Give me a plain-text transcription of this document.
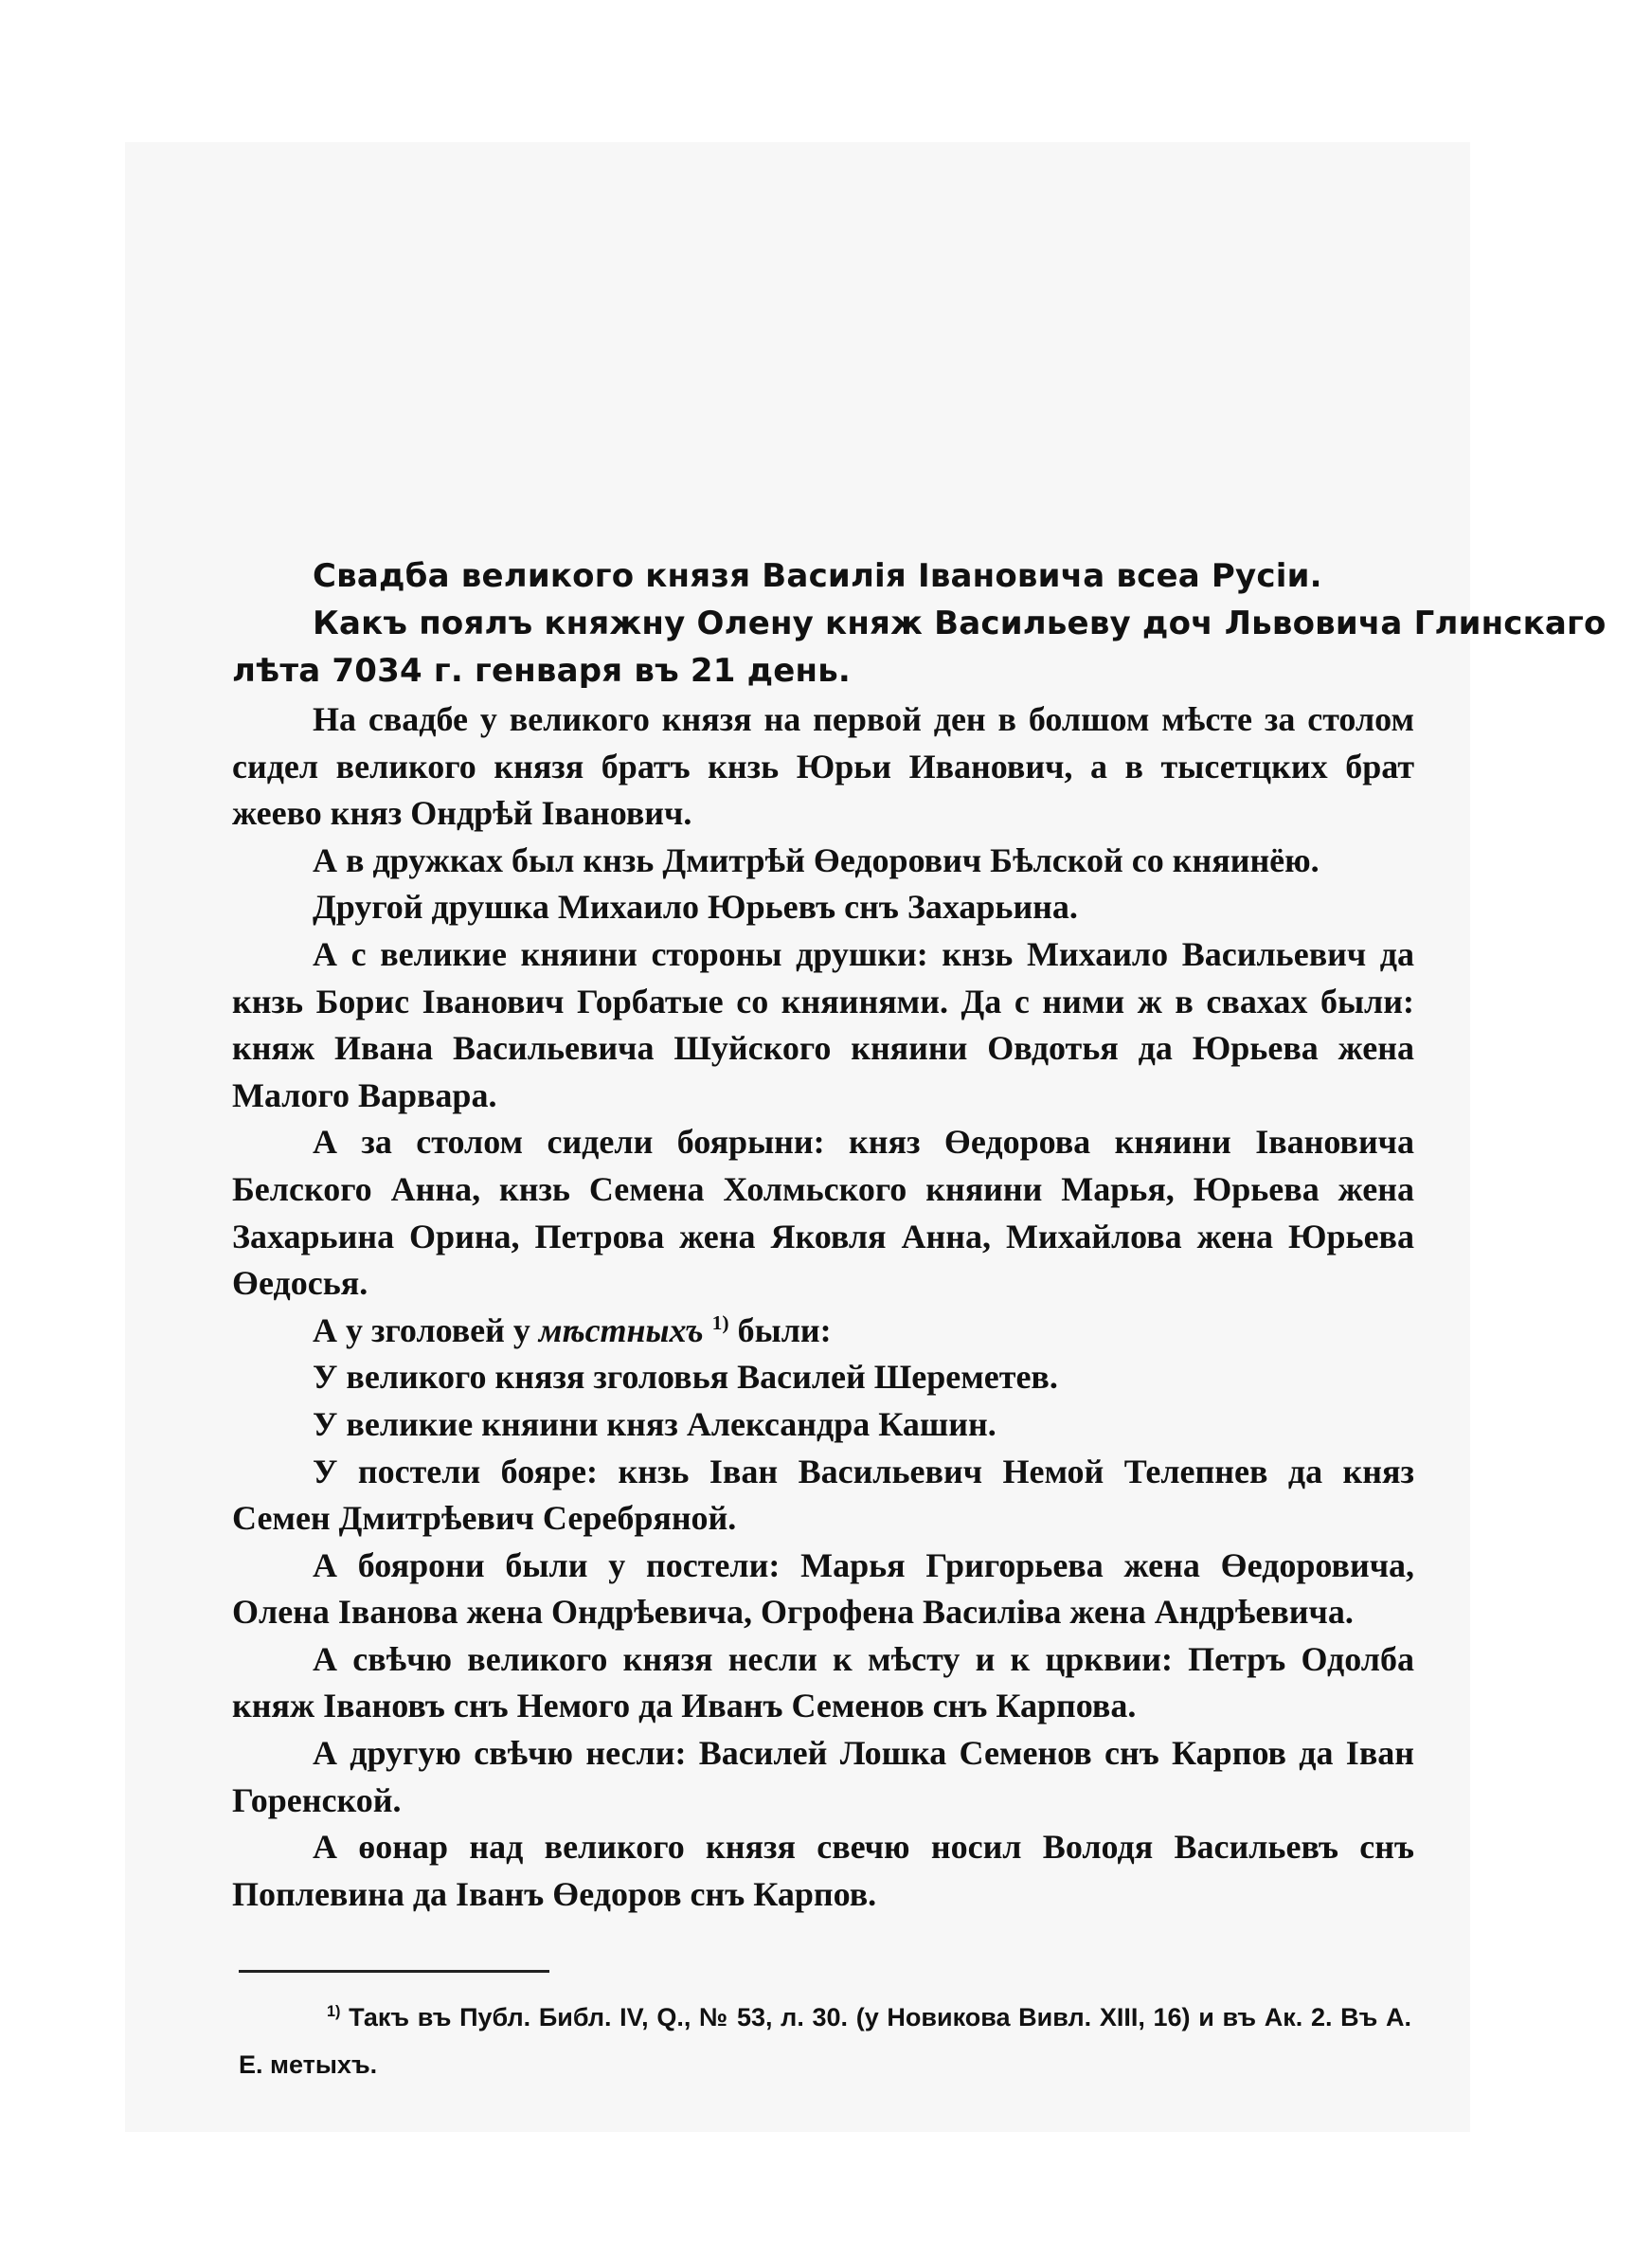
Свадба великого князя Василія Івановича всеа Русіи.
Какъ поялъ княжну Олену княж Васильеву доч Львовича Глинскаго
лѣта 7034 г. генваря въ 21 день.

На свадбе у великого князя на первой ден в болшом мѣсте за столом сидел великого князя братъ кнзь Юрьи Иванович, а в тысетцких брат жеево княз Ондрѣй Іванович.

А в дружках был кнзь Дмитрѣй Өедорович Бѣлской со княинёю.

Другой друшка Михаило Юрьевъ снъ Захарьина.

А с великие княини стороны друшки: кнзь Михаило Васильевич да кнзь Борис Іванович Горбатые со княинями. Да с ними ж в свахах были: княж Ивана Васильевича Шуйского княини Овдотья да Юрьева жена Малого Варвара.

А за столом сидели боярыни: княз Өедорова княини Івановича Белского Анна, кнзь Семена Холмьского княини Марья, Юрьева жена Захарьина Орина, Петрова жена Яковля Анна, Михайлова жена Юрьева Өедосья.

А у зголовей у мѣстныхъ $^{1)}$ были:

У великого князя зголовья Василей Шереметев.

У великие княини княз Александра Кашин.

У постели бояре: кнзь Іван Васильевич Немой Телепнев да княз Семен Дмитрѣевич Серебряной.

А боярони были у постели: Марья Григорьева жена Өедоровича, Олена Іванова жена Ондрѣевича, Огрофена Василіва жена Андрѣевича.

А свѣчю великого князя несли к мѣсту и к црквии: Петръ Одолба княж Івановъ снъ Немого да Иванъ Семенов снъ Карпова.

А другую свѣчю несли: Василей Лошка Семенов снъ Карпов да Іван Горенской.

А өонар над великого князя свечю носил Володя Васильевъ снъ Поплевина да Іванъ Өедоров снъ Карпов.

$^{1)}$ Такъ въ Публ. Библ. IV, Q., № 53, л. 30. (у Новикова Вивл. XIII, 16) и въ Ак. 2. Въ А. Е. метыхъ.
